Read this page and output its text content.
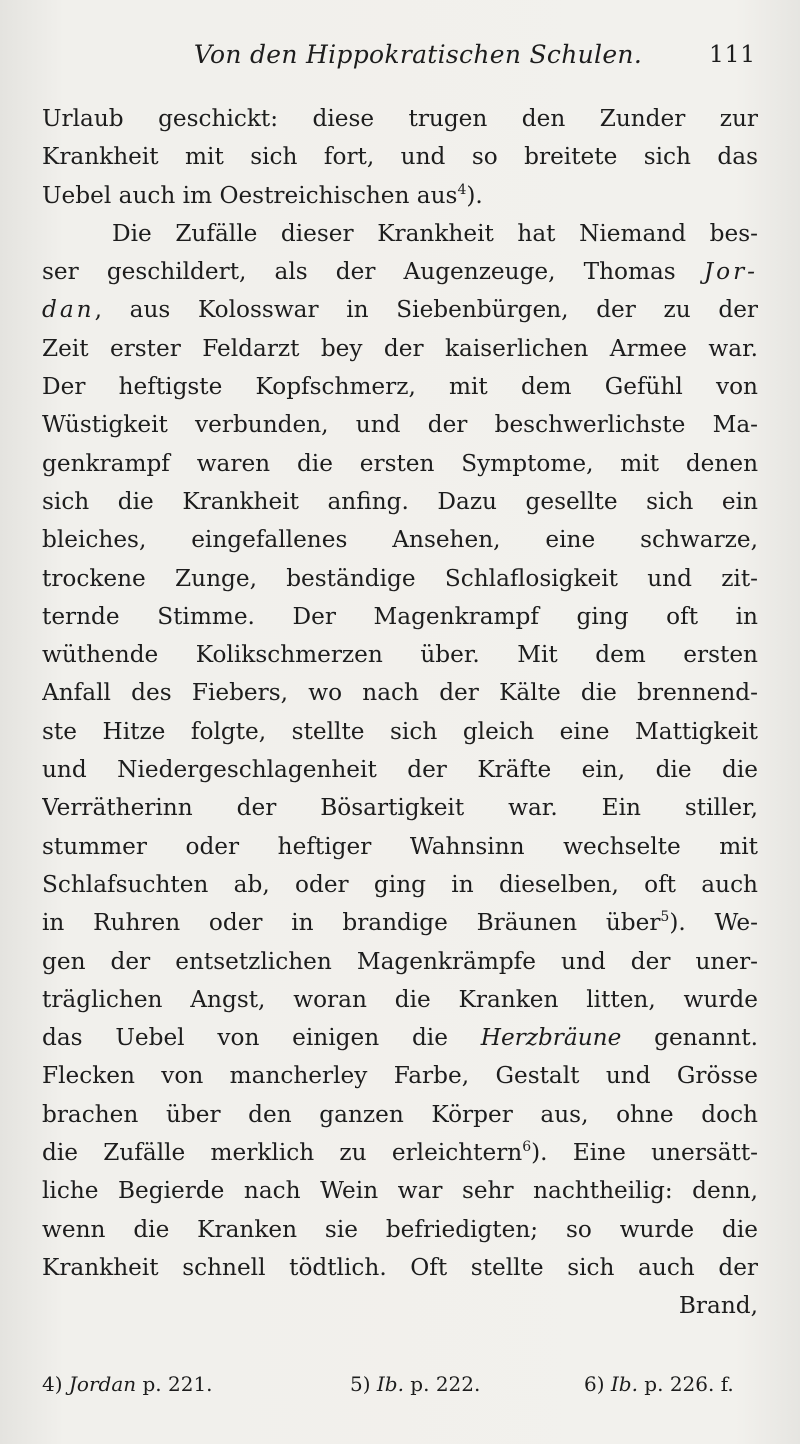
Von den Hippokratischen Schulen.	111
Urlaub geschickt: diese trugen den Zunder zur
Krankheit mit sich fort, und so breitete sich das
Uebel auch im Oestreichischen aus$^4$).
Die Zufälle dieser Krankheit hat Niemand bes-
ser geschildert, als der Augenzeuge, Thomas Jor-
dan, aus Kolosswar in Siebenbürgen, der zu der
Zeit erster Feldarzt bey der kaiserlichen Armee war.
Der heftigste Kopfschmerz, mit dem Gefühl von
Wüstigkeit verbunden, und der beschwerlichste Ma-
genkrampf waren die ersten Symptome, mit denen
sich die Krankheit anfing. Dazu gesellte sich ein
bleiches, eingefallenes Ansehen, eine schwarze,
trockene Zunge, beständige Schlaflosigkeit und zit-
ternde Stimme. Der Magenkrampf ging oft in
wüthende Kolikschmerzen über. Mit dem ersten
Anfall des Fiebers, wo nach der Kälte die brennend-
ste Hitze folgte, stellte sich gleich eine Mattigkeit
und Niedergeschlagenheit der Kräfte ein, die die
Verrätherinn der Bösartigkeit war. Ein stiller,
stummer oder heftiger Wahnsinn wechselte mit
Schlafsuchten ab, oder ging in dieselben, oft auch
in Ruhren oder in brandige Bräunen über$^5$). We-
gen der entsetzlichen Magenkrämpfe und der uner-
träglichen Angst, woran die Kranken litten, wurde
das Uebel von einigen die Herzbräune genannt.
Flecken von mancherley Farbe, Gestalt und Grösse
brachen über den ganzen Körper aus, ohne doch
die Zufälle merklich zu erleichtern$^6$). Eine unersätt-
liche Begierde nach Wein war sehr nachtheilig: denn,
wenn die Kranken sie befriedigten; so wurde die
Krankheit schnell tödtlich. Oft stellte sich auch der
Brand,
4) Jordan p. 221.	5) Ib. p. 222.	6) Ib. p. 226. f.
